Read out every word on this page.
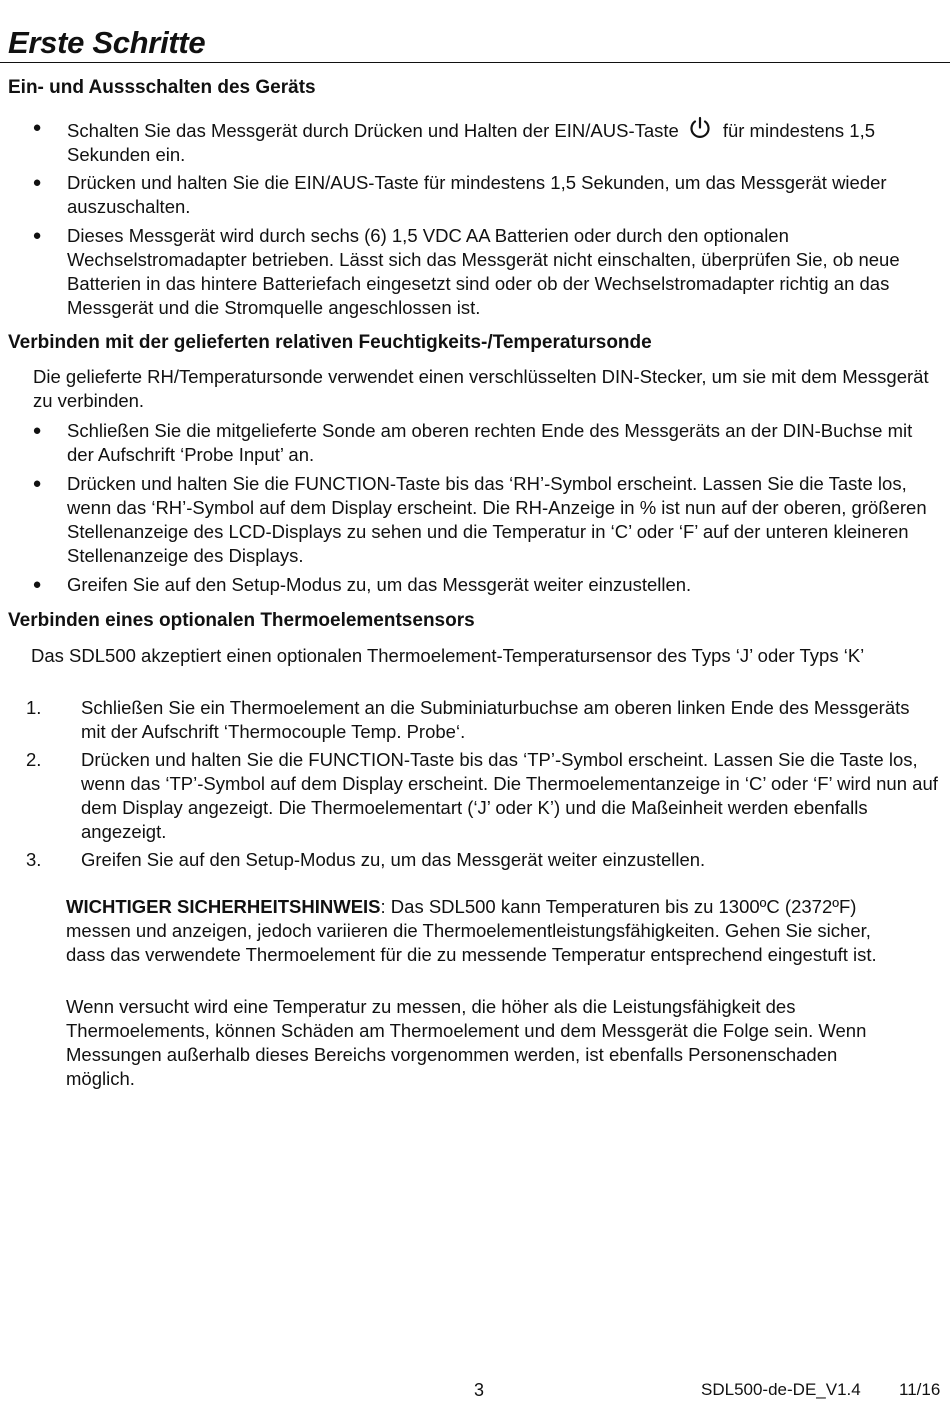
Erste Schritte
Ein- und Aussschalten des Geräts
● Schalten Sie das Messgerät durch Drücken und Halten der EIN/AUS-Taste für mindestens 1,5 Sekunden ein.
● Drücken und halten Sie die EIN/AUS-Taste für mindestens 1,5 Sekunden, um das Messgerät wieder auszuschalten.
● Dieses Messgerät wird durch sechs (6) 1,5 VDC AA Batterien oder durch den optionalen Wechselstromadapter betrieben. Lässt sich das Messgerät nicht einschalten, überprüfen Sie, ob neue Batterien in das hintere Batteriefach eingesetzt sind oder ob der Wechselstromadapter richtig an das Messgerät und die Stromquelle angeschlossen ist.
Verbinden mit der gelieferten relativen Feuchtigkeits-/Temperatursonde
Die gelieferte RH/Temperatursonde verwendet einen verschlüsselten DIN-Stecker, um sie mit dem Messgerät zu verbinden.
● Schließen Sie die mitgelieferte Sonde am oberen rechten Ende des Messgeräts an der DIN-Buchse mit der Aufschrift ‘Probe Input’ an.
● Drücken und halten Sie die FUNCTION-Taste bis das ‘RH’-Symbol erscheint. Lassen Sie die Taste los, wenn das ‘RH’-Symbol auf dem Display erscheint. Die RH-Anzeige in % ist nun auf der oberen, größeren Stellenanzeige des LCD-Displays zu sehen und die Temperatur in ‘C’ oder ‘F’ auf der unteren kleineren Stellenanzeige des Displays.
● Greifen Sie auf den Setup-Modus zu, um das Messgerät weiter einzustellen.
Verbinden eines optionalen Thermoelementsensors
Das SDL500 akzeptiert einen optionalen Thermoelement-Temperatursensor des Typs ‘J’ oder Typs ‘K’
1. Schließen Sie ein Thermoelement an die Subminiaturbuchse am oberen linken Ende des Messgeräts mit der Aufschrift ‘Thermocouple Temp. Probe‘.
2. Drücken und halten Sie die FUNCTION-Taste bis das ‘TP’-Symbol erscheint. Lassen Sie die Taste los, wenn das ‘TP’-Symbol auf dem Display erscheint. Die Thermoelementanzeige in ‘C’ oder ‘F’ wird nun auf dem Display angezeigt. Die Thermoelementart (‘J’ oder K’) und die Maßeinheit werden ebenfalls angezeigt.
3. Greifen Sie auf den Setup-Modus zu, um das Messgerät weiter einzustellen.
WICHTIGER SICHERHEITSHINWEIS: Das SDL500 kann Temperaturen bis zu 1300ºC (2372ºF) messen und anzeigen, jedoch variieren die Thermoelementleistungsfähigkeiten. Gehen Sie sicher, dass das verwendete Thermoelement für die zu messende Temperatur entsprechend eingestuft ist.
Wenn versucht wird eine Temperatur zu messen, die höher als die Leistungsfähigkeit des Thermoelements, können Schäden am Thermoelement und dem Messgerät die Folge sein. Wenn Messungen außerhalb dieses Bereichs vorgenommen werden, ist ebenfalls Personenschaden möglich.
3	SDL500-de-DE_V1.4 11/16
